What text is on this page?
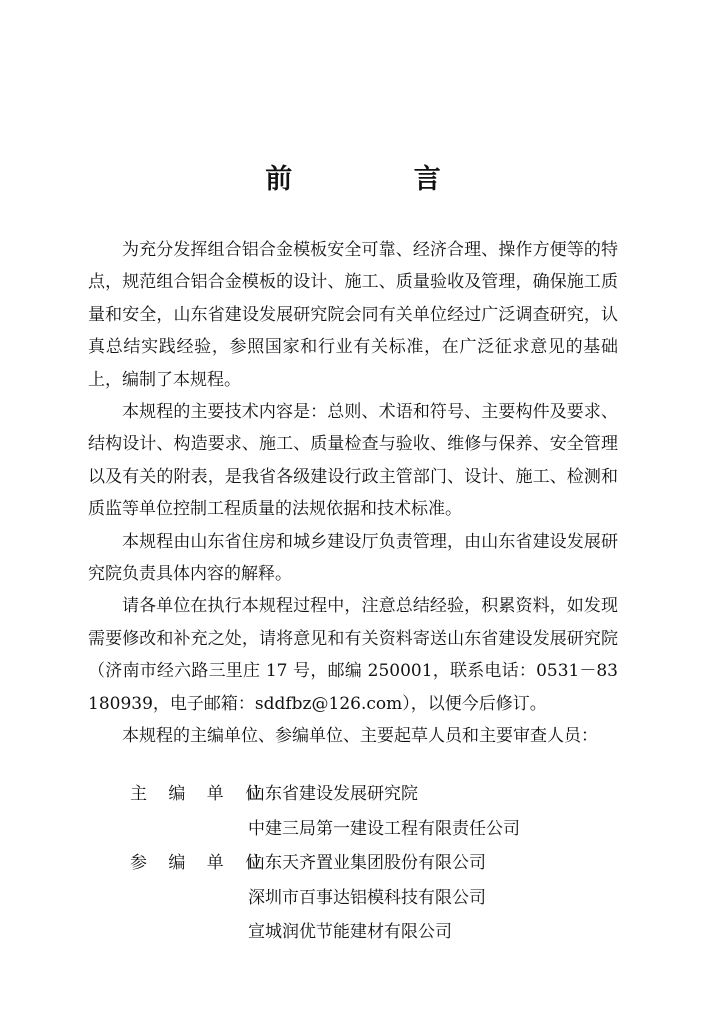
前 言

为充分发挥组合铝合金模板安全可靠、经济合理、操作方便等的特点，规范组合铝合金模板的设计、施工、质量验收及管理，确保施工质量和安全，山东省建设发展研究院会同有关单位经过广泛调查研究，认真总结实践经验，参照国家和行业有关标准，在广泛征求意见的基础上，编制了本规程。

本规程的主要技术内容是：总则、术语和符号、主要构件及要求、结构设计、构造要求、施工、质量检查与验收、维修与保养、安全管理以及有关的附表，是我省各级建设行政主管部门、设计、施工、检测和质监等单位控制工程质量的法规依据和技术标准。

本规程由山东省住房和城乡建设厅负责管理，由山东省建设发展研究院负责具体内容的解释。

请各单位在执行本规程过程中，注意总结经验，积累资料，如发现需要修改和补充之处，请将意见和有关资料寄送山东省建设发展研究院（济南市经六路三里庄 17 号，邮编 250001，联系电话：0531－83180939，电子邮箱：sddfbz@126.com），以便今后修订。

本规程的主编单位、参编单位、主要起草人员和主要审查人员：

主 编 单 位：
山东省建设发展研究院
中建三局第一建设工程有限责任公司
参 编 单 位：
山东天齐置业集团股份有限公司
深圳市百事达铝模科技有限公司
宣城润优节能建材有限公司
